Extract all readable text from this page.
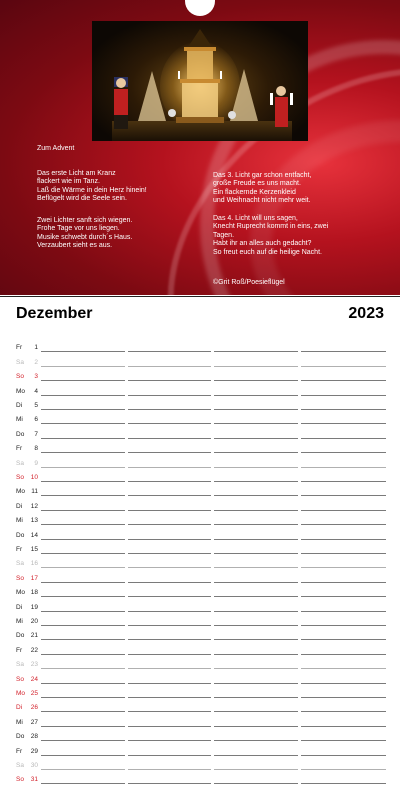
Zum Advent
Das erste Licht am Kranz
flackert wie im Tanz.
Laß die Wärme in dein Herz hinein!
Beflügelt wird die Seele sein.
Zwei Lichter sanft sich wiegen.
Frohe Tage vor uns liegen.
Musike schwebt durch´s Haus.
Verzaubert sieht es aus.
Das 3. Licht gar schon entfacht,
große Freude es uns macht.
Ein flackernde Kerzenkleid
und Weihnacht nicht mehr weit.
Das 4. Licht will uns sagen,
Knecht Ruprecht kommt in eins, zwei
Tagen.
Habt ihr an alles auch gedacht?
So freut euch auf die heilige Nacht.
©Grit Roß/Poesieflügel
Dezember	2023
Fr	1
Sa	2
So	3
Mo	4
Di	5
Mi	6
Do	7
Fr	8
Sa	9
So 10
Mo 11
Di 12
Mi 13
Do 14
Fr 15
Sa 16
So 17
Mo 18
Di 19
Mi 20
Do 21
Fr 22
Sa 23
So 24
Mo 25
Di 26
Mi 27
Do 28
Fr 29
Sa 30
So 31
